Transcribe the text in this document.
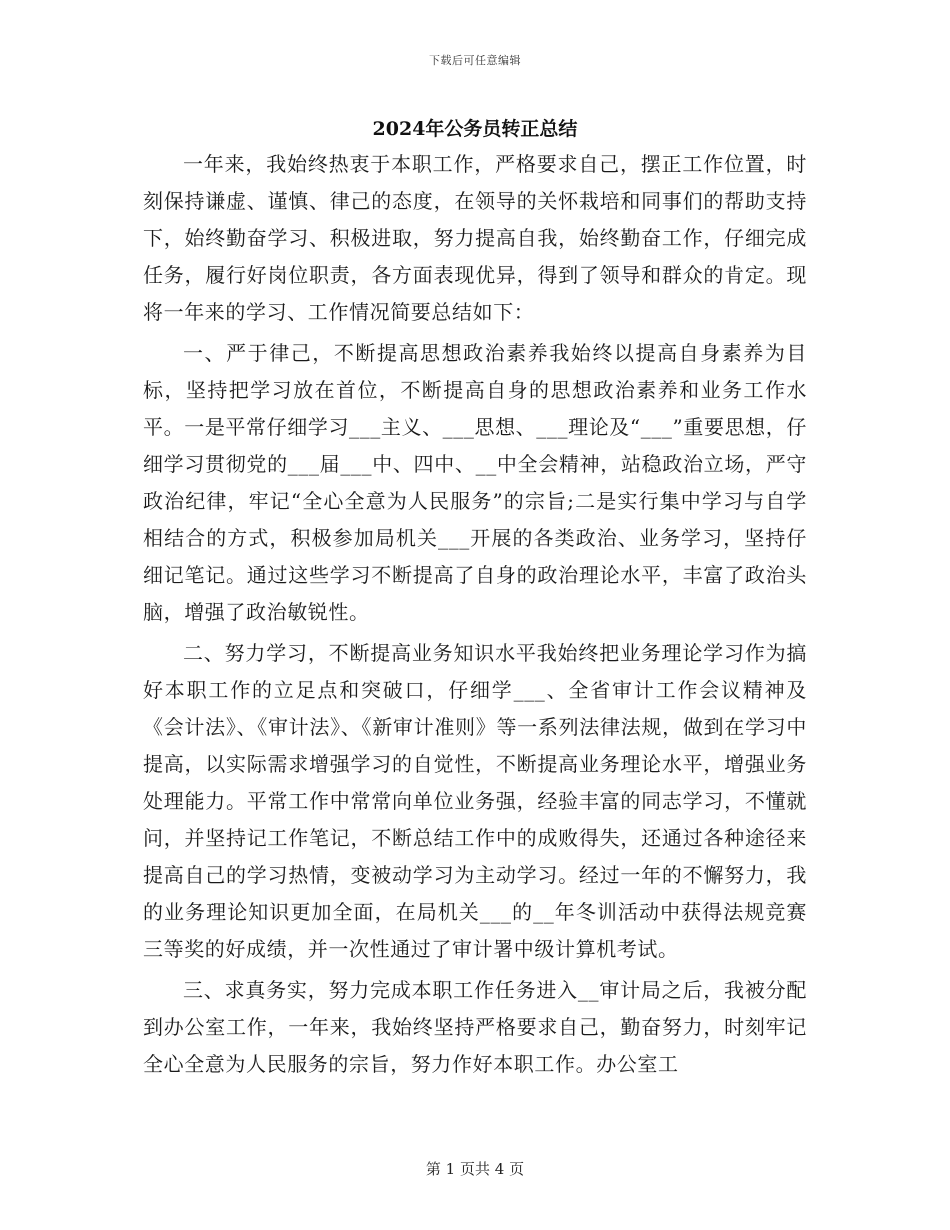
下载后可任意编辑
2024年公务员转正总结

一年来，我始终热衷于本职工作，严格要求自己，摆正工作位置，时刻保持谦虚、谨慎、律己的态度，在领导的关怀栽培和同事们的帮助支持下，始终勤奋学习、积极进取，努力提高自我，始终勤奋工作，仔细完成任务，履行好岗位职责，各方面表现优异，得到了领导和群众的肯定。现将一年来的学习、工作情况简要总结如下：

一、严于律己，不断提高思想政治素养我始终以提高自身素养为目标，坚持把学习放在首位，不断提高自身的思想政治素养和业务工作水平。一是平常仔细学习___主义、___思想、___理论及“___”重要思想，仔细学习贯彻党的___届___中、四中、__中全会精神，站稳政治立场，严守政治纪律，牢记“全心全意为人民服务”的宗旨;二是实行集中学习与自学相结合的方式，积极参加局机关___开展的各类政治、业务学习，坚持仔细记笔记。通过这些学习不断提高了自身的政治理论水平，丰富了政治头脑，增强了政治敏锐性。

二、努力学习，不断提高业务知识水平我始终把业务理论学习作为搞好本职工作的立足点和突破口，仔细学___、全省审计工作会议精神及《会计法》、《审计法》、《新审计准则》等一系列法律法规，做到在学习中提高，以实际需求增强学习的自觉性，不断提高业务理论水平，增强业务处理能力。平常工作中常常向单位业务强，经验丰富的同志学习，不懂就问，并坚持记工作笔记，不断总结工作中的成败得失，还通过各种途径来提高自己的学习热情，变被动学习为主动学习。经过一年的不懈努力，我的业务理论知识更加全面，在局机关___的__年冬训活动中获得法规竞赛三等奖的好成绩，并一次性通过了审计署中级计算机考试。

三、求真务实，努力完成本职工作任务进入__审计局之后，我被分配到办公室工作，一年来，我始终坚持严格要求自己，勤奋努力，时刻牢记全心全意为人民服务的宗旨，努力作好本职工作。办公室工

第 1 页共 4 页
